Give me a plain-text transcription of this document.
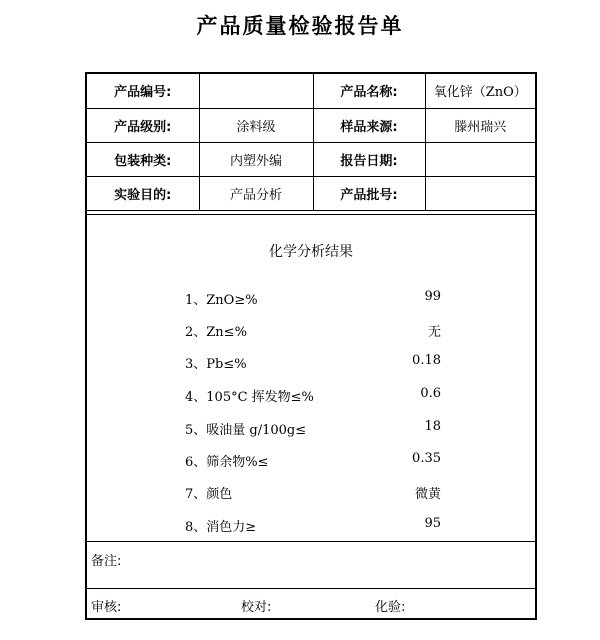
产品质量检验报告单
产品编号:		产品名称:	氧化锌（ZnO）
产品级别:	涂料级	样品来源:	滕州瑞兴
包装种类:	内塑外编	报告日期:	
实验目的:	产品分析	产品批号:	
化学分析结果
1、ZnO≥%	99
2、Zn≤%	无
3、Pb≤%	0.18
4、105°C 挥发物≤%	0.6
5、吸油量 g/100g≤	18
6、筛余物%≤	0.35
7、颜色	微黄
8、消色力≥	95
备注:
审核:	校对:	化验:
